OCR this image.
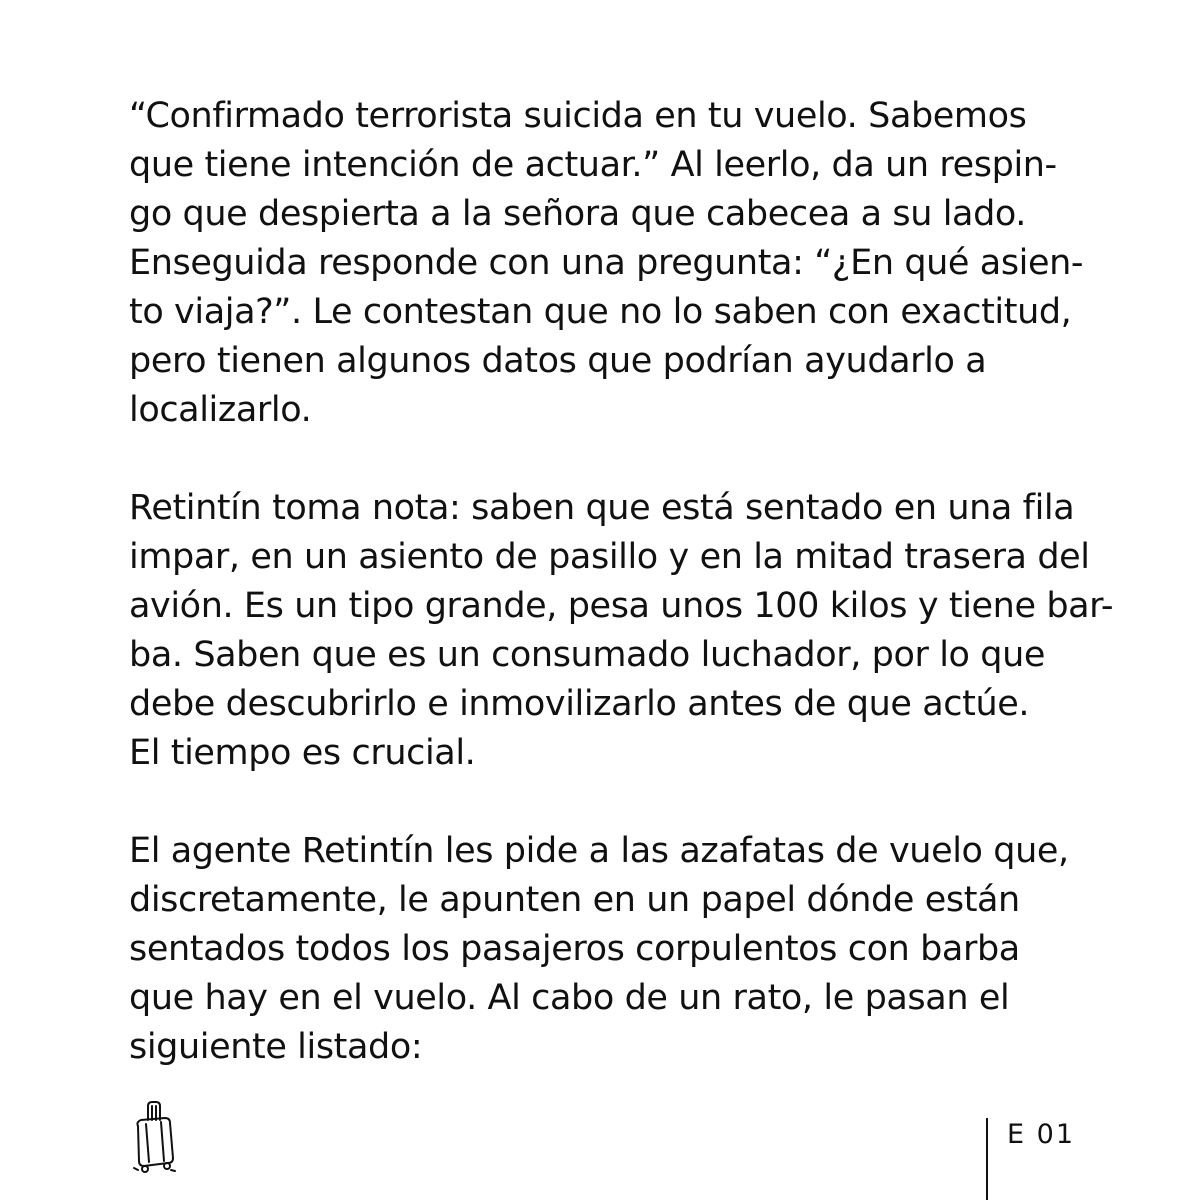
“Confirmado terrorista suicida en tu vuelo. Sabemos
que tiene intención de actuar.” Al leerlo, da un respin-
go que despierta a la señora que cabecea a su lado.
Enseguida responde con una pregunta: “¿En qué asien-
to viaja?”. Le contestan que no lo saben con exactitud,
pero tienen algunos datos que podrían ayudarlo a
localizarlo.

Retintín toma nota: saben que está sentado en una fila
impar, en un asiento de pasillo y en la mitad trasera del
avión. Es un tipo grande, pesa unos 100 kilos y tiene bar-
ba. Saben que es un consumado luchador, por lo que
debe descubrirlo e inmovilizarlo antes de que actúe.
El tiempo es crucial.

El agente Retintín les pide a las azafatas de vuelo que,
discretamente, le apunten en un papel dónde están
sentados todos los pasajeros corpulentos con barba
que hay en el vuelo. Al cabo de un rato, le pasan el
siguiente listado:

E 01
